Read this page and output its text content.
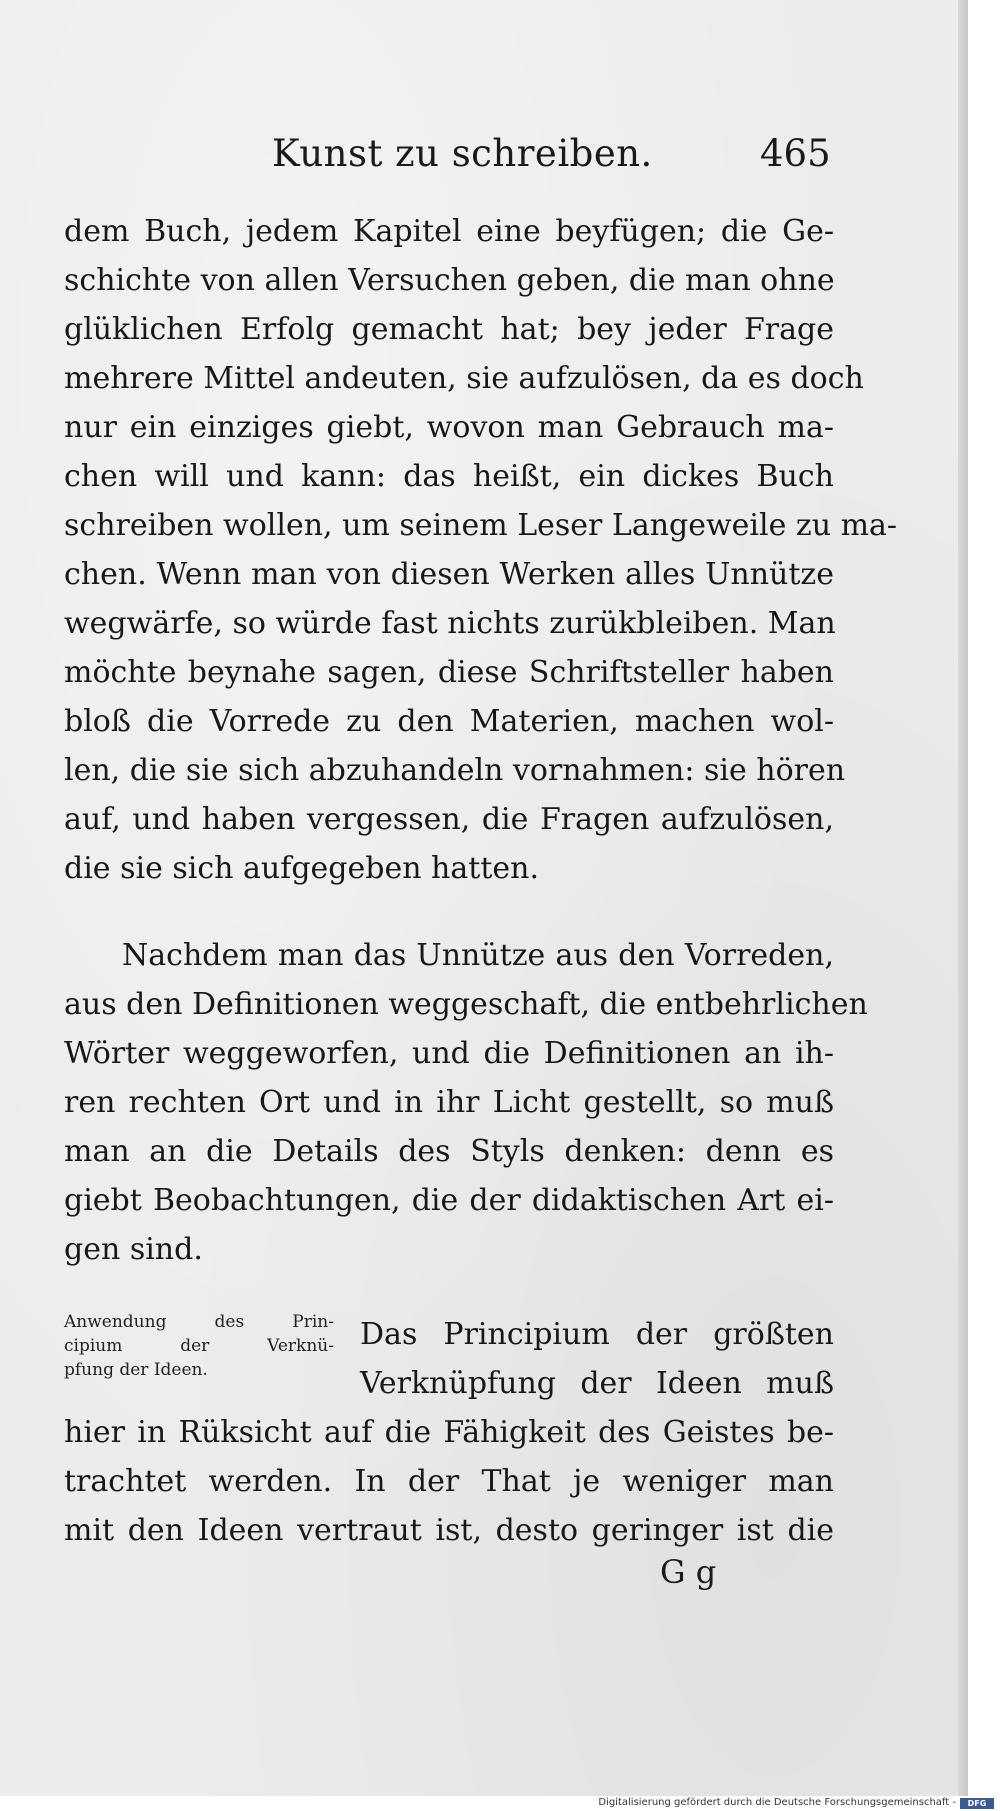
Kunst zu schreiben.	465
dem Buch, jedem Kapitel eine beyfügen; die Ge-
schichte von allen Versuchen geben, die man ohne
glüklichen Erfolg gemacht hat; bey jeder Frage
mehrere Mittel andeuten, sie aufzulösen, da es doch
nur ein einziges giebt, wovon man Gebrauch ma-
chen will und kann: das heißt, ein dickes Buch
schreiben wollen, um seinem Leser Langeweile zu ma-
chen. Wenn man von diesen Werken alles Unnütze
wegwärfe, so würde fast nichts zurükbleiben. Man
möchte beynahe sagen, diese Schriftsteller haben
bloß die Vorrede zu den Materien, machen wol-
len, die sie sich abzuhandeln vornahmen: sie hören
auf, und haben vergessen, die Fragen aufzulösen,
die sie sich aufgegeben hatten.
Nachdem man das Unnütze aus den Vorreden,
aus den Definitionen weggeschaft, die entbehrlichen
Wörter weggeworfen, und die Definitionen an ih-
ren rechten Ort und in ihr Licht gestellt, so muß
man an die Details des Styls denken: denn es
giebt Beobachtungen, die der didaktischen Art ei-
gen sind.
Anwendung des Prin-
cipium der Verknü-
pfung der Ideen.
Das Principium der größten
Verknüpfung der Ideen muß
hier in Rüksicht auf die Fähigkeit des Geistes be-
trachtet werden. In der That je weniger man
mit den Ideen vertraut ist, desto geringer ist die
G g
Digitalisierung gefördert durch die Deutsche Forschungsgemeinschaft -	DFG
